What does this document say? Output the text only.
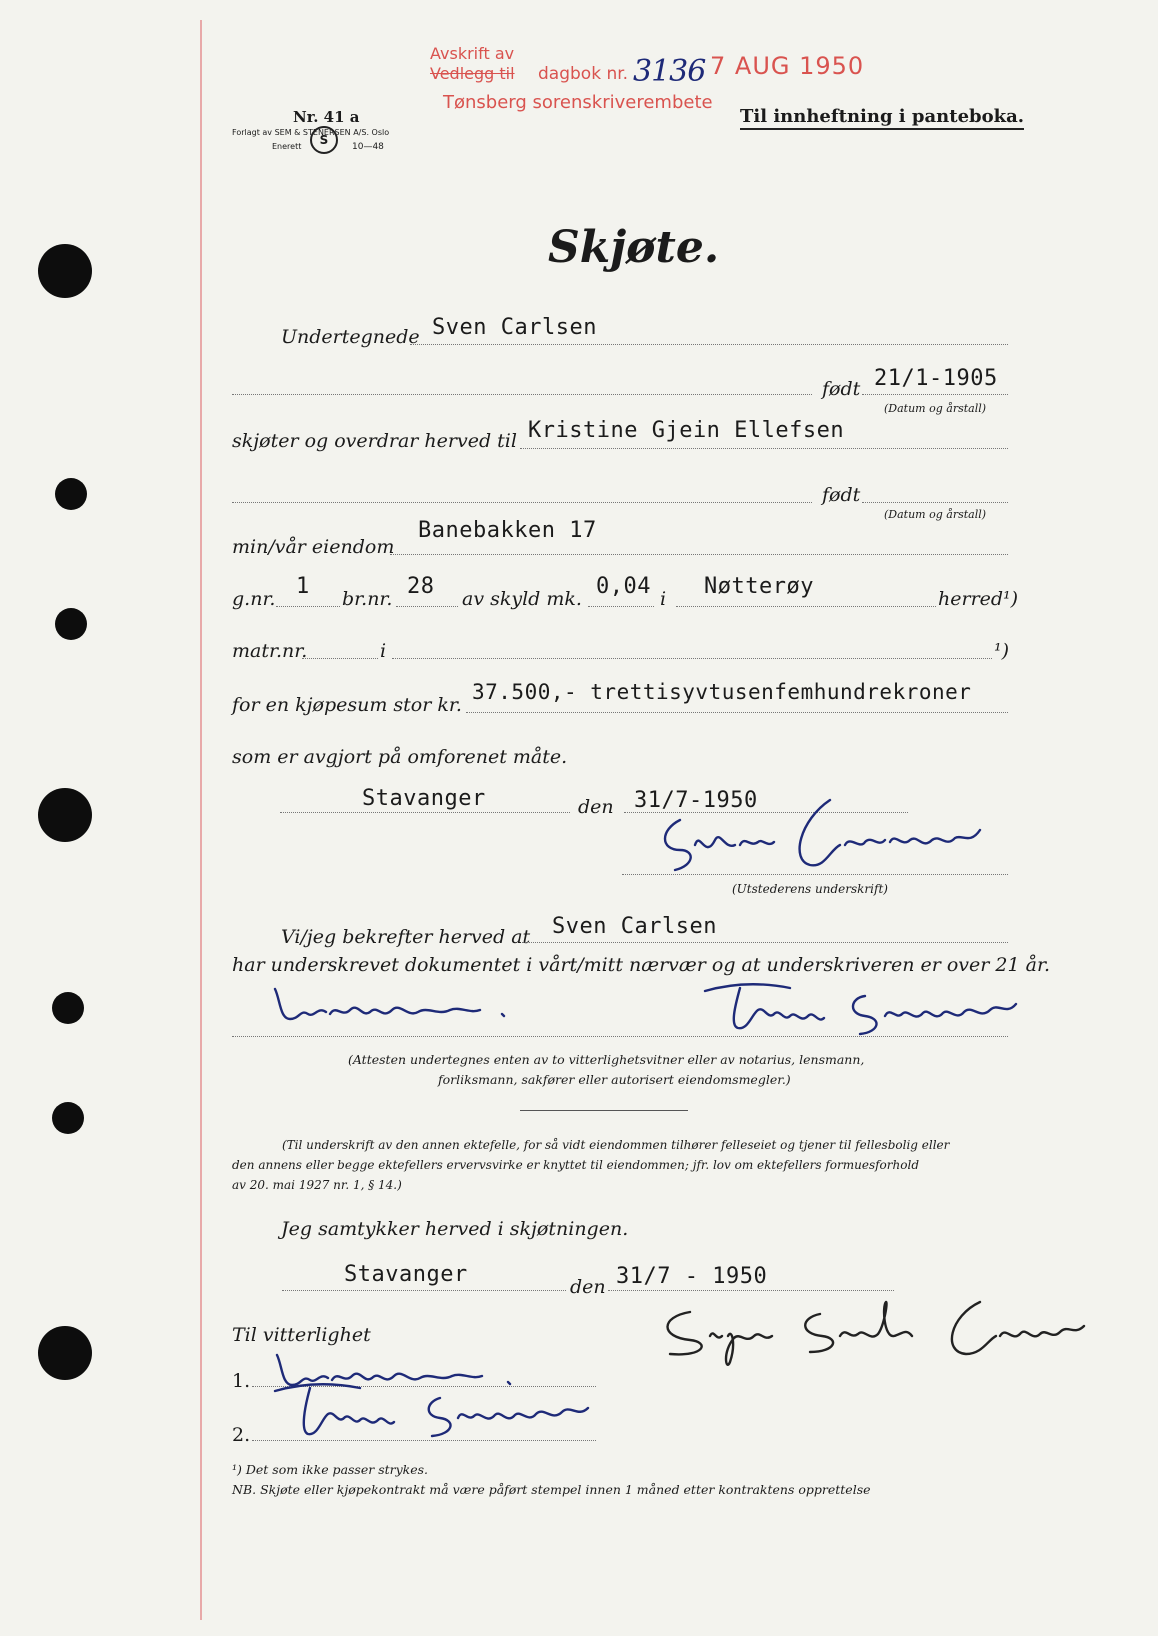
Nr. 41 a
Forlagt av SEM & STENERSEN A/S. Oslo
Enerett	S	10—48
Avskrift av
Vedlegg til dagbok nr. 3136 7 AUG 1950
Tønsberg sorenskriverembete
Til innheftning i panteboka.
Skjøte.
Undertegnede Sven Carlsen
født 21/1-1905
(Datum og årstall)
skjøter og overdrar herved til Kristine Gjein Ellefsen
født
(Datum og årstall)
min/vår eiendom
Banebakken 17
g.nr. 1 br.nr. 28 av skyld mk. 0,04 i Nøtterøy	herred¹)
matr.nr.	i	¹)
for en kjøpesum stor kr.
37.500,- trettisyvtusenfemhundrekroner
som er avgjort på omforenet måte.
Stavanger	den 31/7-1950
(Utstederens underskrift)
Vi/jeg bekrefter herved at Sven Carlsen
har underskrevet dokumentet i vårt/mitt nærvær og at underskriveren er over 21 år.
(Attesten undertegnes enten av to vitterlighetsvitner eller av notarius, lensmann,
forliksmann, sakfører eller autorisert eiendomsmegler.)
(Til underskrift av den annen ektefelle, for så vidt eiendommen tilhører felleseiet og tjener til fellesbolig eller
den annens eller begge ektefellers ervervsvirke er knyttet til eiendommen; jfr. lov om ektefellers formuesforhold
av 20. mai 1927 nr. 1, § 14.)
Jeg samtykker herved i skjøtningen.
Stavanger	den 31/7 - 1950
Til vitterlighet
1.
2.
¹) Det som ikke passer strykes.
NB. Skjøte eller kjøpekontrakt må være påført stempel innen 1 måned etter kontraktens opprettelse
